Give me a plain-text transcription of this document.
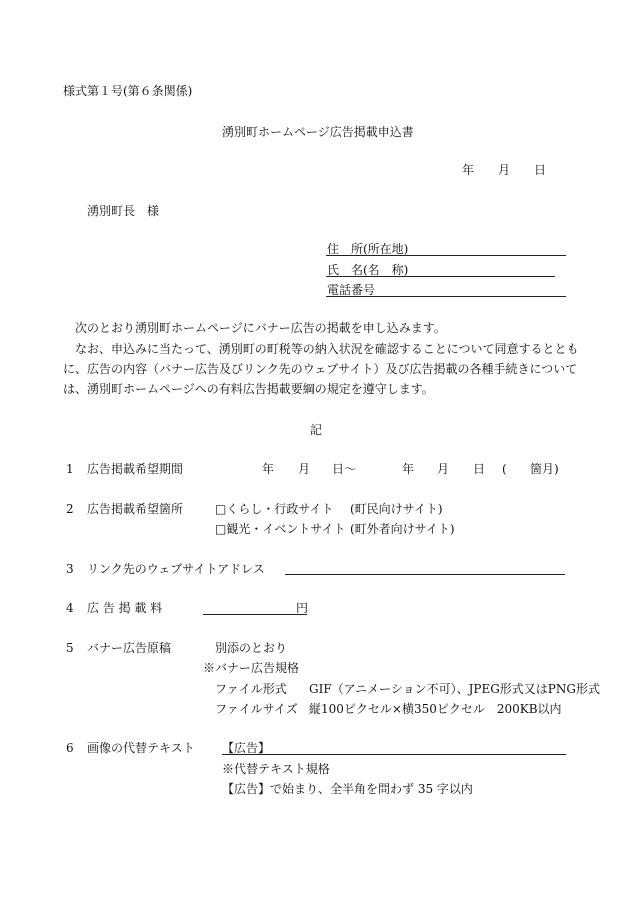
様式第１号(第６条関係)
湧別町ホームページ広告掲載申込書
年 月 日
湧別町長　様
住　所(所在地)
氏　名(名　称)
電話番号
次のとおり湧別町ホームページにバナー広告の掲載を申し込みます。
なお、申込みに当たって、湧別町の町税等の納入状況を確認することについて同意するととも
に、広告の内容（バナー広告及びリンク先のウェブサイト）及び広告掲載の各種手続きについて
は、湧別町ホームページへの有料広告掲載要綱の規定を遵守します。
記
1 広告掲載希望期間	年 月 日～	年 月 日 ( 箇月)
2 広告掲載希望箇所	□くらし・行政サイト (町民向けサイト)
□観光・イベントサイト (町外者向けサイト)
3 リンク先のウェブサイトアドレス
4 広 告 掲 載 料	円
5 バナー広告原稿	別添のとおり
※バナー広告規格
ファイル形式 GIF（アニメーション不可）、JPEG形式又はPNG形式
ファイルサイズ 縦100ピクセル×横350ピクセル　200KB以内
6 画像の代替テキスト 【広告】
※代替テキスト規格
【広告】で始まり、全半角を問わず 35 字以内
